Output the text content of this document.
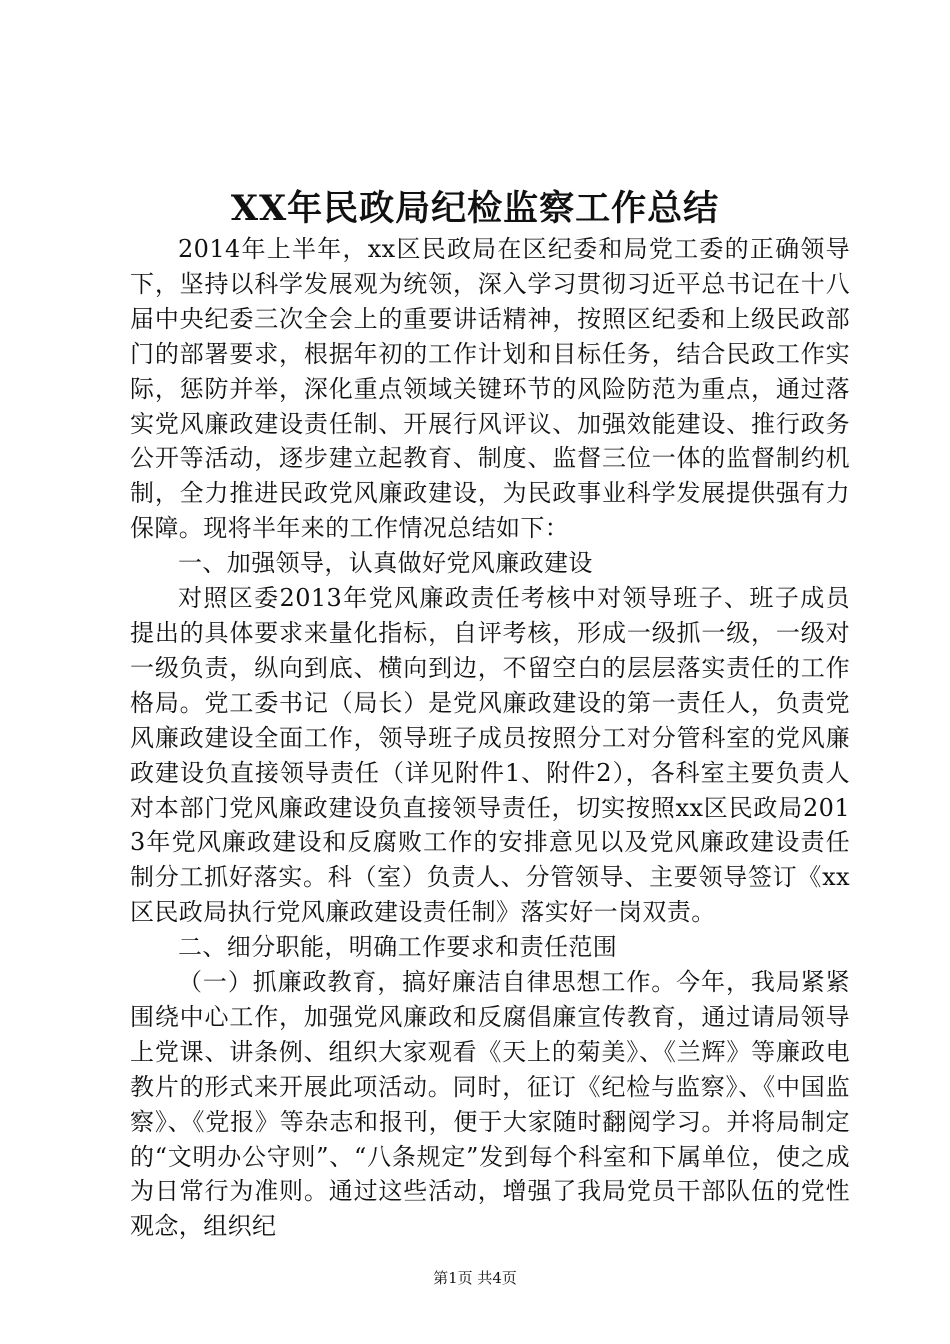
XX年民政局纪检监察工作总结

2014年上半年，xx区民政局在区纪委和局党工委的正确领导下，坚持以科学发展观为统领，深入学习贯彻习近平总书记在十八届中央纪委三次全会上的重要讲话精神，按照区纪委和上级民政部门的部署要求，根据年初的工作计划和目标任务，结合民政工作实际，惩防并举，深化重点领域关键环节的风险防范为重点，通过落实党风廉政建设责任制、开展行风评议、加强效能建设、推行政务公开等活动，逐步建立起教育、制度、监督三位一体的监督制约机制，全力推进民政党风廉政建设，为民政事业科学发展提供强有力保障。现将半年来的工作情况总结如下：

一、加强领导，认真做好党风廉政建设

对照区委2013年党风廉政责任考核中对领导班子、班子成员提出的具体要求来量化指标，自评考核，形成一级抓一级，一级对一级负责，纵向到底、横向到边，不留空白的层层落实责任的工作格局。党工委书记（局长）是党风廉政建设的第一责任人，负责党风廉政建设全面工作，领导班子成员按照分工对分管科室的党风廉政建设负直接领导责任（详见附件1、附件2），各科室主要负责人对本部门党风廉政建设负直接领导责任，切实按照xx区民政局2013年党风廉政建设和反腐败工作的安排意见以及党风廉政建设责任制分工抓好落实。科（室）负责人、分管领导、主要领导签订《xx区民政局执行党风廉政建设责任制》落实好一岗双责。

二、细分职能，明确工作要求和责任范围

（一）抓廉政教育，搞好廉洁自律思想工作。今年，我局紧紧围绕中心工作，加强党风廉政和反腐倡廉宣传教育，通过请局领导上党课、讲条例、组织大家观看《天上的菊美》、《兰辉》等廉政电教片的形式来开展此项活动。同时，征订《纪检与监察》、《中国监察》、《党报》等杂志和报刊，便于大家随时翻阅学习。并将局制定的“文明办公守则”、“八条规定”发到每个科室和下属单位，使之成为日常行为准则。通过这些活动，增强了我局党员干部队伍的党性观念，组织纪

第1页 共4页
